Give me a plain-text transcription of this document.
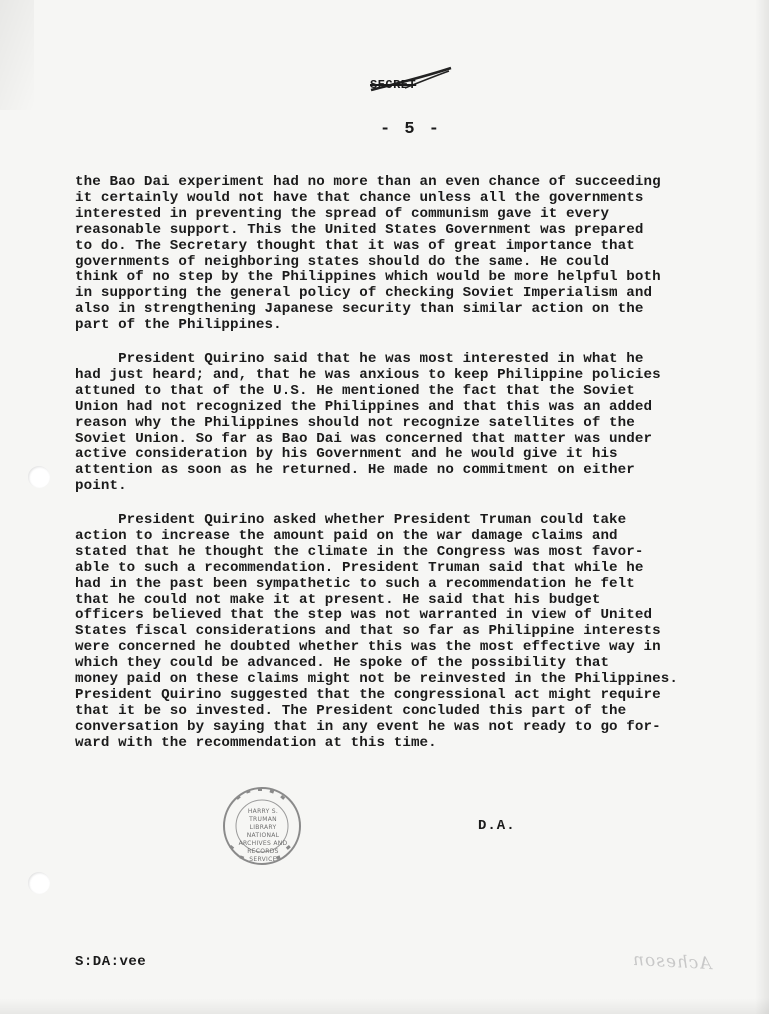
SECRET
- 5 -
the Bao Dai experiment had no more than an even chance of succeeding
it certainly would not have that chance unless all the governments
interested in preventing the spread of communism gave it every
reasonable support. This the United States Government was prepared
to do. The Secretary thought that it was of great importance that
governments of neighboring states should do the same. He could
think of no step by the Philippines which would be more helpful both
in supporting the general policy of checking Soviet Imperialism and
also in strengthening Japanese security than similar action on the
part of the Philippines.
President Quirino said that he was most interested in what he
had just heard; and, that he was anxious to keep Philippine policies
attuned to that of the U.S. He mentioned the fact that the Soviet
Union had not recognized the Philippines and that this was an added
reason why the Philippines should not recognize satellites of the
Soviet Union. So far as Bao Dai was concerned that matter was under
active consideration by his Government and he would give it his
attention as soon as he returned. He made no commitment on either
point.
President Quirino asked whether President Truman could take
action to increase the amount paid on the war damage claims and
stated that he thought the climate in the Congress was most favor-
able to such a recommendation. President Truman said that while he
had in the past been sympathetic to such a recommendation he felt
that he could not make it at present. He said that his budget
officers believed that the step was not warranted in view of United
States fiscal considerations and that so far as Philippine interests
were concerned he doubted whether this was the most effective way in
which they could be advanced. He spoke of the possibility that
money paid on these claims might not be reinvested in the Philippines.
President Quirino suggested that the congressional act might require
that it be so invested. The President concluded this part of the
conversation by saying that in any event he was not ready to go for-
ward with the recommendation at this time.
HARRY S. TRUMAN LIBRARY NATIONAL ARCHIVES AND RECORDS SERVICE
D.A.
S:DA:vee	Acheson
